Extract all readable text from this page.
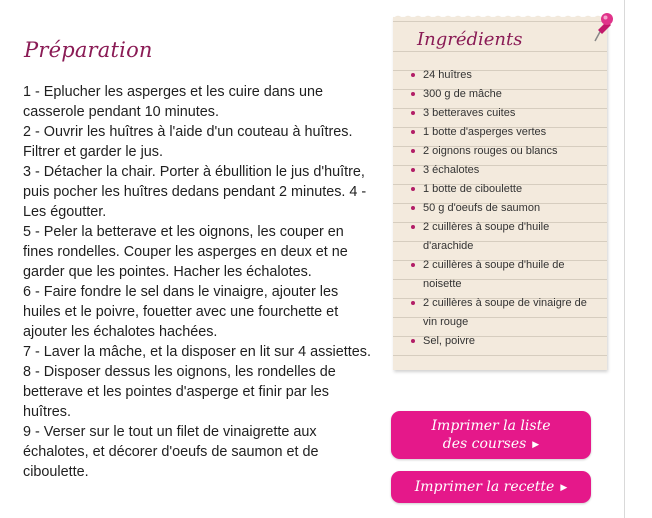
Préparation

1 - Eplucher les asperges et les cuire dans une casserole pendant 10 minutes.

2 - Ouvrir les huîtres à l'aide d'un couteau à huîtres. Filtrer et garder le jus.

3 - Détacher la chair. Porter à ébullition le jus d'huître, puis pocher les huîtres dedans pendant 2 minutes. 4 - Les égoutter.

5 - Peler la betterave et les oignons, les couper en fines rondelles. Couper les asperges en deux et ne garder que les pointes. Hacher les échalotes.

6 - Faire fondre le sel dans le vinaigre, ajouter les huiles et le poivre, fouetter avec une fourchette et ajouter les échalotes hachées.

7 - Laver la mâche, et la disposer en lit sur 4 assiettes.

8 - Disposer dessus les oignons, les rondelles de betterave et les pointes d'asperge et finir par les huîtres.

9 - Verser sur le tout un filet de vinaigrette aux échalotes, et décorer d'oeufs de saumon et de ciboulette.

Ingrédients
24 huîtres
300 g de mâche
3 betteraves cuites
1 botte d'asperges vertes
2 oignons rouges ou blancs
3 échalotes
1 botte de ciboulette
50 g d'oeufs de saumon
2 cuillères à soupe d'huile d'arachide
2 cuillères à soupe d'huile de noisette
2 cuillères à soupe de vinaigre de vin rouge
Sel, poivre
Imprimer la liste
des courses ▶
Imprimer la recette ▶
